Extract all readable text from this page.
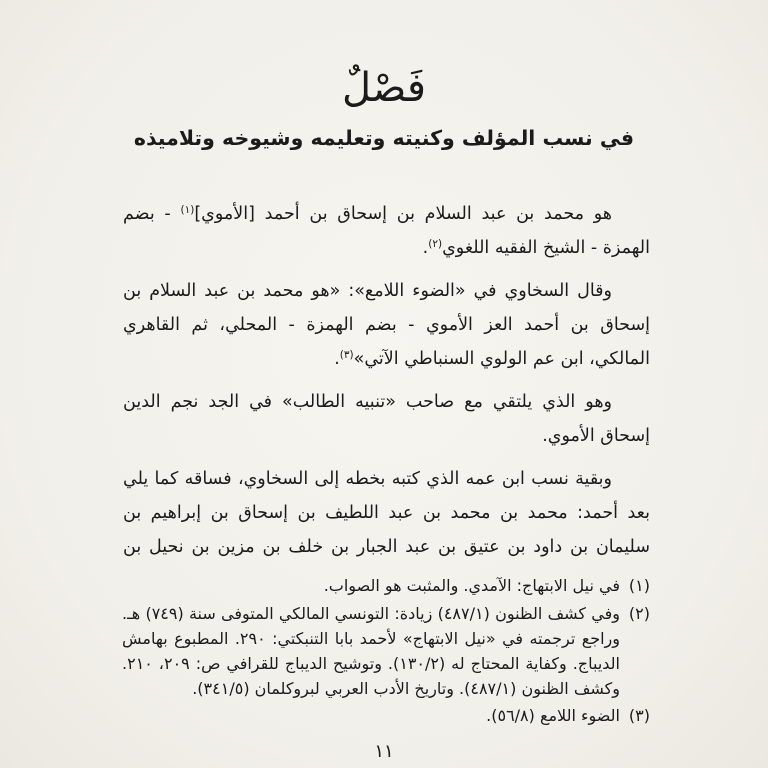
فَصْلٌ
في نسب المؤلف وكنيته وتعليمه وشيوخه وتلاميذه
هو محمد بن عبد السلام بن إسحاق بن أحمد [الأموي]$^{(١)}$ - بضم
الهمزة - الشيخ الفقيه اللغوي$^{(٢)}$.
وقال السخاوي في «الضوء اللامع»: «هو محمد بن عبد السلام بن
إسحاق بن أحمد العز الأموي - بضم الهمزة - المحلي، ثم القاهري
المالكي، ابن عم الولوي السنباطي الآتي»$^{(٣)}$.
وهو الذي يلتقي مع صاحب «تنبيه الطالب» في الجد نجم الدين
إسحاق الأموي.
وبقية نسب ابن عمه الذي كتبه بخطه إلى السخاوي، فساقه كما يلي
بعد أحمد: محمد بن محمد بن عبد اللطيف بن إسحاق بن إبراهيم بن
سليمان بن داود بن عتيق بن عبد الجبار بن خلف بن مزين بن نحيل بن
(١)
في نيل الابتهاج: الآمدي. والمثبت هو الصواب.
(٢)
وفي كشف الظنون (٤٨٧/١) زيادة: التونسي المالكي المتوفى سنة (٧٤٩) هـ.
وراجع ترجمته في «نيل الابتهاج» لأحمد بابا التنبكتي: ٢٩٠. المطبوع بهامش
الديباج. وكفاية المحتاج له (١٣٠/٢). وتوشيح الديباج للقرافي ص: ٢٠٩، ٢١٠.
وكشف الظنون (٤٨٧/١). وتاريخ الأدب العربي لبروكلمان (٣٤١/٥).
(٣)
الضوء اللامع (٥٦/٨).
١١
